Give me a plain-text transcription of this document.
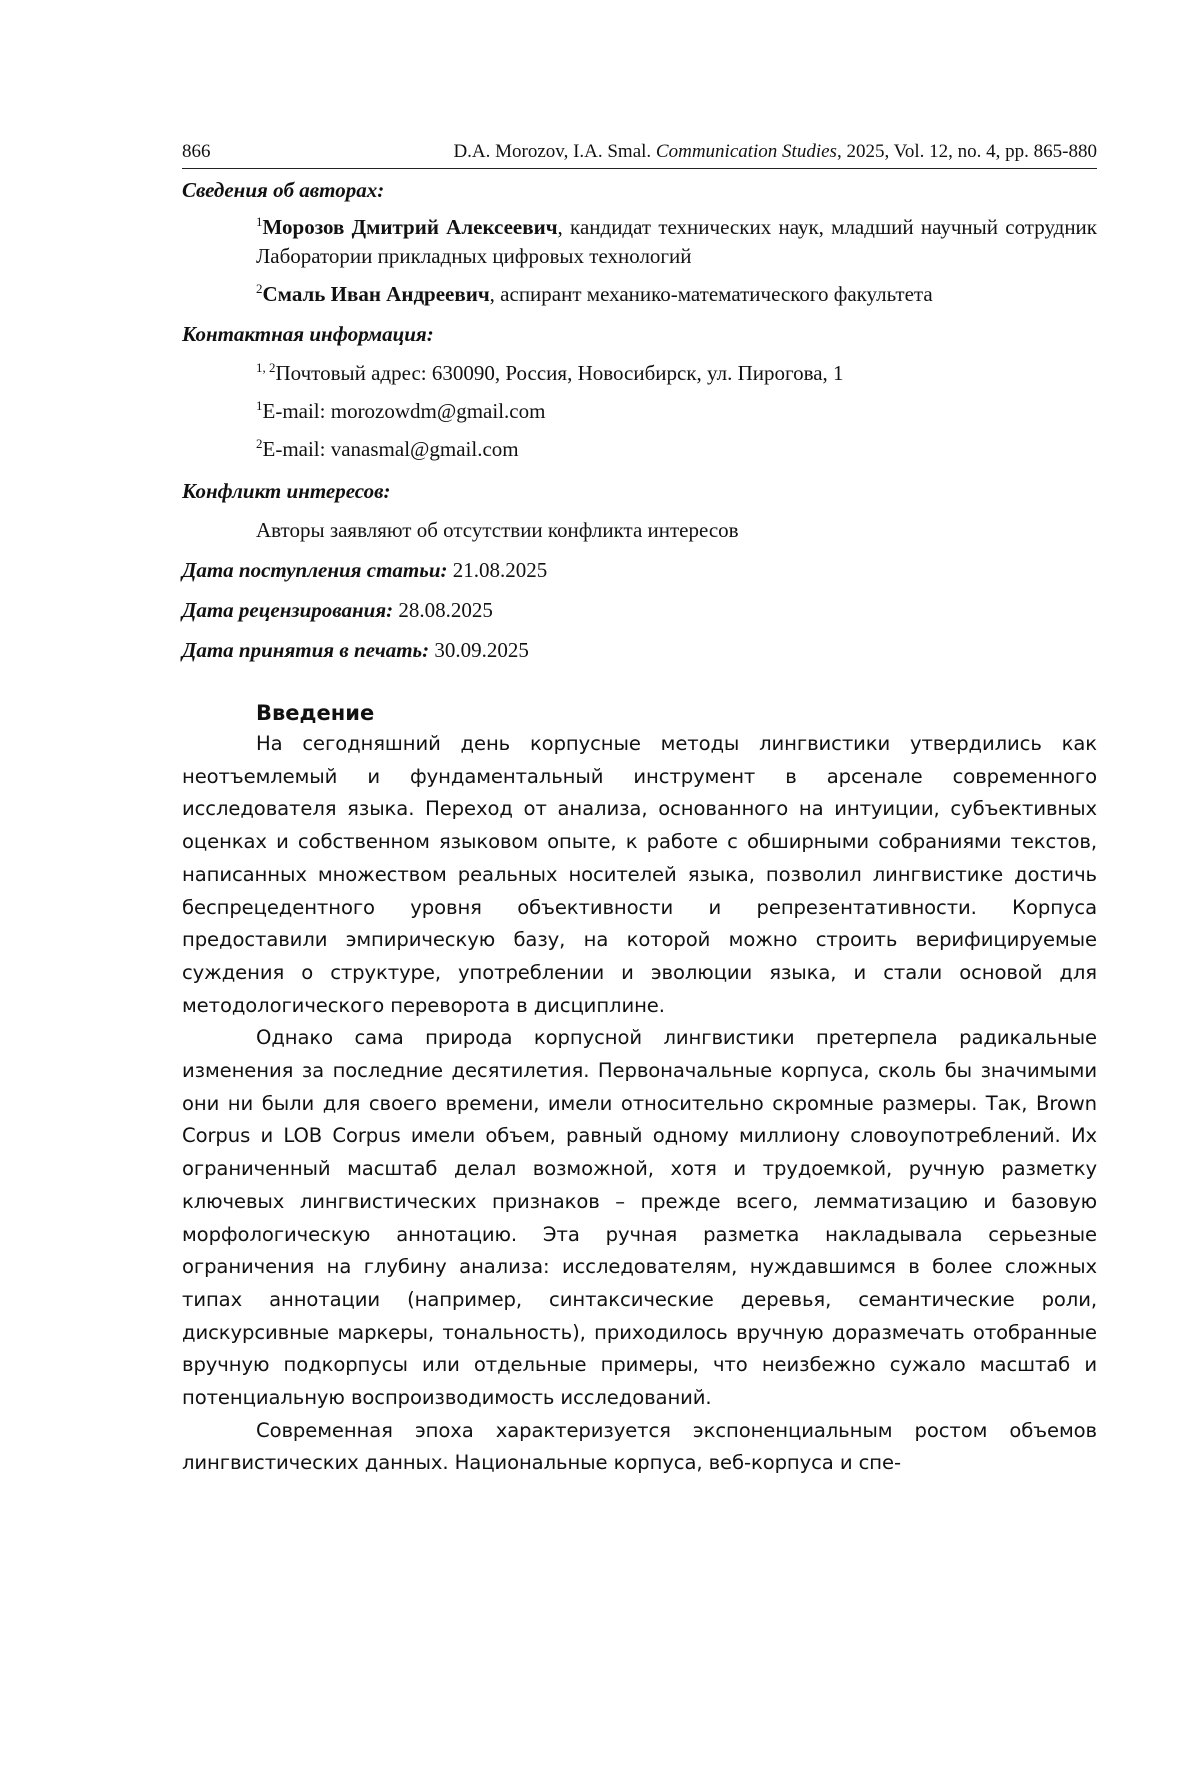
866	D.A. Morozov, I.A. Smal. Communication Studies, 2025, Vol. 12, no. 4, pp. 865-880
Сведения об авторах:
$^1$Морозов Дмитрий Алексеевич, кандидат технических наук, младший научный сотрудник Лаборатории прикладных цифровых технологий
$^2$Смаль Иван Андреевич, аспирант механико-математического факультета
Контактная информация:
$^{1, 2}$Почтовый адрес: 630090, Россия, Новосибирск, ул. Пирогова, 1
$^1$E-mail: morozowdm@gmail.com
$^2$E-mail: vanasmal@gmail.com
Конфликт интересов:
Авторы заявляют об отсутствии конфликта интересов
Дата поступления статьи: 21.08.2025
Дата рецензирования: 28.08.2025
Дата принятия в печать: 30.09.2025
Введение

На сегодняшний день корпусные методы лингвистики утвердились как неотъемлемый и фундаментальный инструмент в арсенале современного исследователя языка. Переход от анализа, основанного на интуиции, субъективных оценках и собственном языковом опыте, к работе с обширными собраниями текстов, написанных множеством реальных носителей языка, позволил лингвистике достичь беспрецедентного уровня объективности и репрезентативности. Корпуса предоставили эмпирическую базу, на которой можно строить верифицируемые суждения о структуре, употреблении и эволюции языка, и стали основой для методологического переворота в дисциплине.

Однако сама природа корпусной лингвистики претерпела радикальные изменения за последние десятилетия. Первоначальные корпуса, сколь бы значимыми они ни были для своего времени, имели относительно скромные размеры. Так, Brown Corpus и LOB Corpus имели объем, равный одному миллиону словоупотреблений. Их ограниченный масштаб делал возможной, хотя и трудоемкой, ручную разметку ключевых лингвистических признаков – прежде всего, лемматизацию и базовую морфологическую аннотацию. Эта ручная разметка накладывала серьезные ограничения на глубину анализа: исследователям, нуждавшимся в более сложных типах аннотации (например, синтаксические деревья, семантические роли, дискурсивные маркеры, тональность), приходилось вручную доразмечать отобранные вручную подкорпусы или отдельные примеры, что неизбежно сужало масштаб и потенциальную воспроизводимость исследований.

Современная эпоха характеризуется экспоненциальным ростом объемов лингвистических данных. Национальные корпуса, веб-корпуса и спе-
